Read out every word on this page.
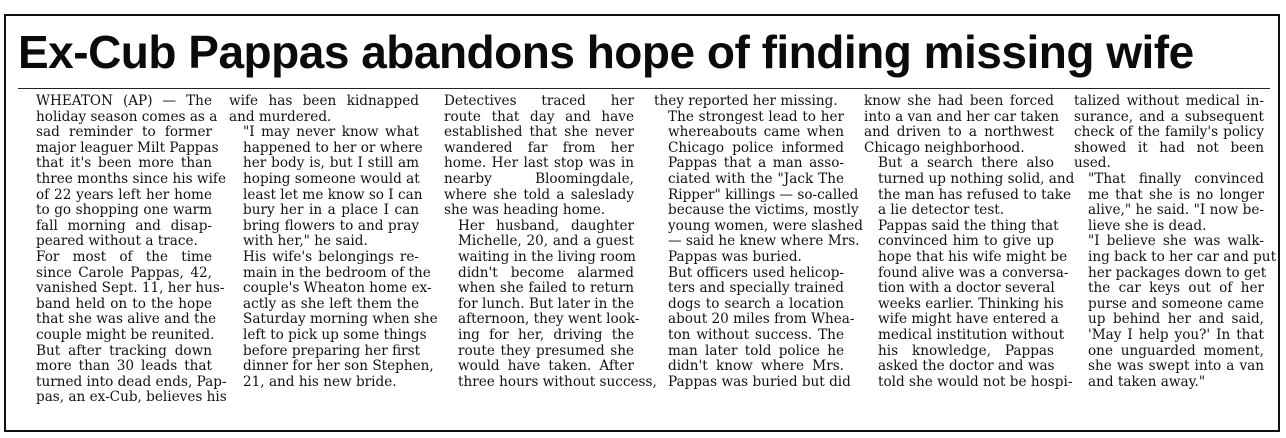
Ex-Cub Pappas abandons hope of finding missing wife

WHEATON (AP) — The
holiday season comes as a
sad reminder to former
major leaguer Milt Pappas
that it's been more than
three months since his wife
of 22 years left her home
to go shopping one warm
fall morning and disap-
peared without a trace.

For most of the time
since Carole Pappas, 42,
vanished Sept. 11, her hus-
band held on to the hope
that she was alive and the
couple might be reunited.
But after tracking down
more than 30 leads that
turned into dead ends, Pap-
pas, an ex-Cub, believes his

wife has been kidnapped
and murdered.

"I may never know what
happened to her or where
her body is, but I still am
hoping someone would at
least let me know so I can
bury her in a place I can
bring flowers to and pray
with her," he said.

His wife's belongings re-
main in the bedroom of the
couple's Wheaton home ex-
actly as she left them the
Saturday morning when she
left to pick up some things
before preparing her first
dinner for her son Stephen,
21, and his new bride.

Detectives traced her
route that day and have
established that she never
wandered far from her
home. Her last stop was in
nearby Bloomingdale,
where she told a saleslady
she was heading home.

Her husband, daughter
Michelle, 20, and a guest
waiting in the living room
didn't become alarmed
when she failed to return
for lunch. But later in the
afternoon, they went look-
ing for her, driving the
route they presumed she
would have taken. After
three hours without success,

they reported her missing.

The strongest lead to her
whereabouts came when
Chicago police informed
Pappas that a man asso-
ciated with the "Jack The
Ripper" killings — so-called
because the victims, mostly
young women, were slashed
— said he knew where Mrs.
Pappas was buried.

But officers used helicop-
ters and specially trained
dogs to search a location
about 20 miles from Whea-
ton without success. The
man later told police he
didn't know where Mrs.
Pappas was buried but did

know she had been forced
into a van and her car taken
and driven to a northwest
Chicago neighborhood.

But a search there also
turned up nothing solid, and
the man has refused to take
a lie detector test.

Pappas said the thing that
convinced him to give up
hope that his wife might be
found alive was a conversa-
tion with a doctor several
weeks earlier. Thinking his
wife might have entered a
medical institution without
his knowledge, Pappas
asked the doctor and was
told she would not be hospi-

talized without medical in-
surance, and a subsequent
check of the family's policy
showed it had not been
used.

"That finally convinced
me that she is no longer
alive," he said. "I now be-
lieve she is dead.

"I believe she was walk-
ing back to her car and put
her packages down to get
the car keys out of her
purse and someone came
up behind her and said,
'May I help you?' In that
one unguarded moment,
she was swept into a van
and taken away."
